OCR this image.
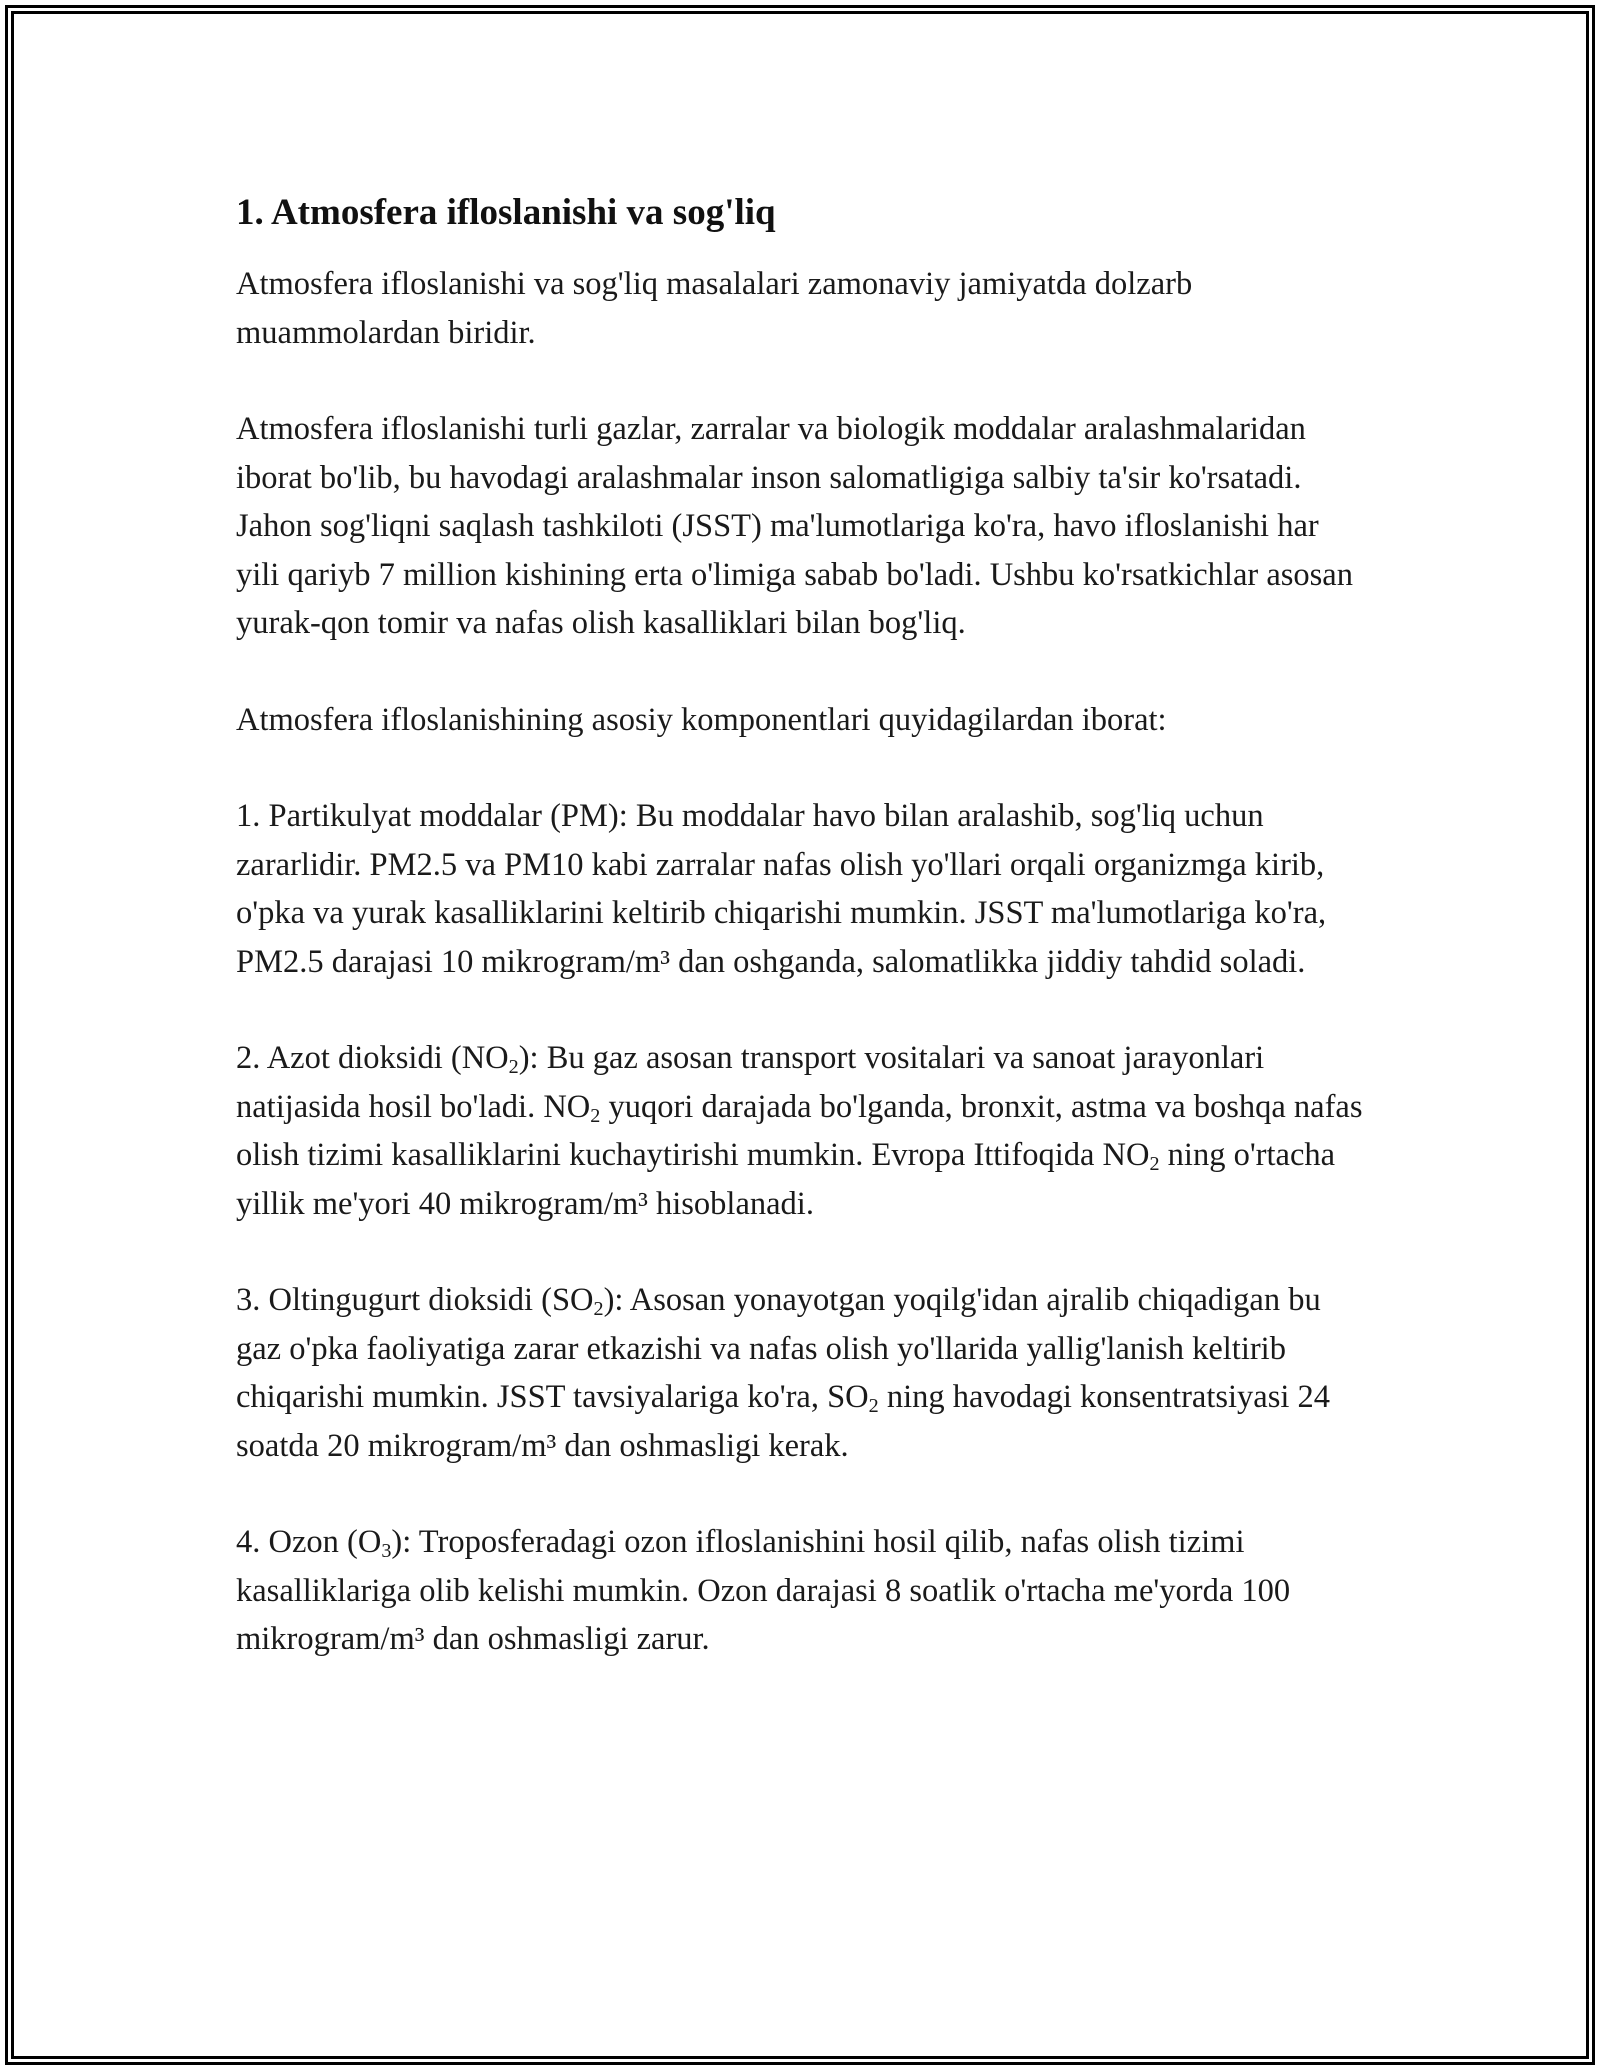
1. Atmosfera ifloslanishi va sog'liq

Atmosfera ifloslanishi va sog'liq masalalari zamonaviy jamiyatda dolzarb muammolardan biridir.

Atmosfera ifloslanishi turli gazlar, zarralar va biologik moddalar aralashmalaridan iborat bo'lib, bu havodagi aralashmalar inson salomatligiga salbiy ta'sir ko'rsatadi. Jahon sog'liqni saqlash tashkiloti (JSST) ma'lumotlariga ko'ra, havo ifloslanishi har yili qariyb 7 million kishining erta o'limiga sabab bo'ladi. Ushbu ko'rsatkichlar asosan yurak-qon tomir va nafas olish kasalliklari bilan bog'liq.

Atmosfera ifloslanishining asosiy komponentlari quyidagilardan iborat:

1. Partikulyat moddalar (PM): Bu moddalar havo bilan aralashib, sog'liq uchun zararlidir. PM2.5 va PM10 kabi zarralar nafas olish yo'llari orqali organizmga kirib, o'pka va yurak kasalliklarini keltirib chiqarishi mumkin. JSST ma'lumotlariga ko'ra, PM2.5 darajasi 10 mikrogram/m³ dan oshganda, salomatlikka jiddiy tahdid soladi.

2. Azot dioksidi $(NO_2)$: Bu gaz asosan transport vositalari va sanoat jarayonlari natijasida hosil bo'ladi. $NO_2$ yuqori darajada bo'lganda, bronxit, astma va boshqa nafas olish tizimi kasalliklarini kuchaytirishi mumkin. Evropa Ittifoqida $NO_2$ ning o'rtacha yillik me'yori 40 mikrogram/m³ hisoblanadi.

3. Oltingugurt dioksidi $(SO_2)$: Asosan yonayotgan yoqilg'idan ajralib chiqadigan bu gaz o'pka faoliyatiga zarar etkazishi va nafas olish yo'llarida yallig'lanish keltirib chiqarishi mumkin. JSST tavsiyalariga ko'ra, $SO_2$ ning havodagi konsentratsiyasi 24 soatda 20 mikrogram/m³ dan oshmasligi kerak.

4. Ozon $(O_3)$: Troposferadagi ozon ifloslanishini hosil qilib, nafas olish tizimi kasalliklariga olib kelishi mumkin. Ozon darajasi 8 soatlik o'rtacha me'yorda 100 mikrogram/m³ dan oshmasligi zarur.
